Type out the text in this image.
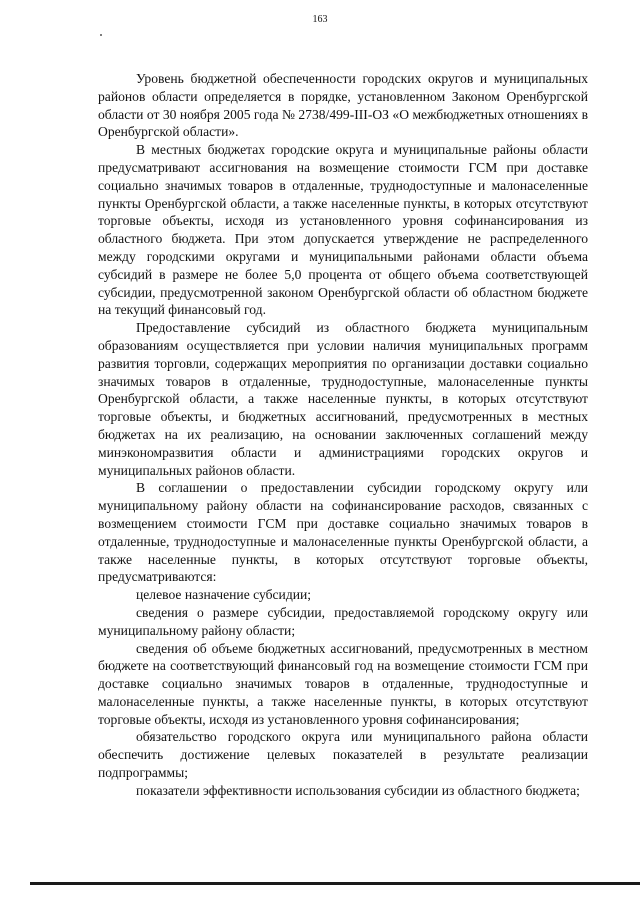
163

Уровень бюджетной обеспеченности городских округов и муниципальных районов области определяется в порядке, установленном Законом Оренбургской области от 30 ноября 2005 года № 2738/499-III-ОЗ «О межбюджетных отношениях в Оренбургской области».

В местных бюджетах городские округа и муниципальные районы области предусматривают ассигнования на возмещение стоимости ГСМ при доставке социально значимых товаров в отдаленные, труднодоступные и малонаселенные пункты Оренбургской области, а также населенные пункты, в которых отсутствуют торговые объекты, исходя из установленного уровня софинансирования из областного бюджета. При этом допускается утверждение не распределенного между городскими округами и муниципальными районами области объема субсидий в размере не более 5,0 процента от общего объема соответствующей субсидии, предусмотренной законом Оренбургской области об областном бюджете на текущий финансовый год.

Предоставление субсидий из областного бюджета муниципальным образованиям осуществляется при условии наличия муниципальных программ развития торговли, содержащих мероприятия по организации доставки социально значимых товаров в отдаленные, труднодоступные, малонаселенные пункты Оренбургской области, а также населенные пункты, в которых отсутствуют торговые объекты, и бюджетных ассигнований, предусмотренных в местных бюджетах на их реализацию, на основании заключенных соглашений между минэкономразвития области и администрациями городских округов и муниципальных районов области.

В соглашении о предоставлении субсидии городскому округу или муниципальному району области на софинансирование расходов, связанных с возмещением стоимости ГСМ при доставке социально значимых товаров в отдаленные, труднодоступные и малонаселенные пункты Оренбургской области, а также населенные пункты, в которых отсутствуют торговые объекты, предусматриваются:

целевое назначение субсидии;

сведения о размере субсидии, предоставляемой городскому округу или муниципальному району области;

сведения об объеме бюджетных ассигнований, предусмотренных в местном бюджете на соответствующий финансовый год на возмещение стоимости ГСМ при доставке социально значимых товаров в отдаленные, труднодоступные и малонаселенные пункты, а также населенные пункты, в которых отсутствуют торговые объекты, исходя из установленного уровня софинансирования;

обязательство городского округа или муниципального района области обеспечить достижение целевых показателей в результате реализации подпрограммы;

показатели эффективности использования субсидии из областного бюджета;
